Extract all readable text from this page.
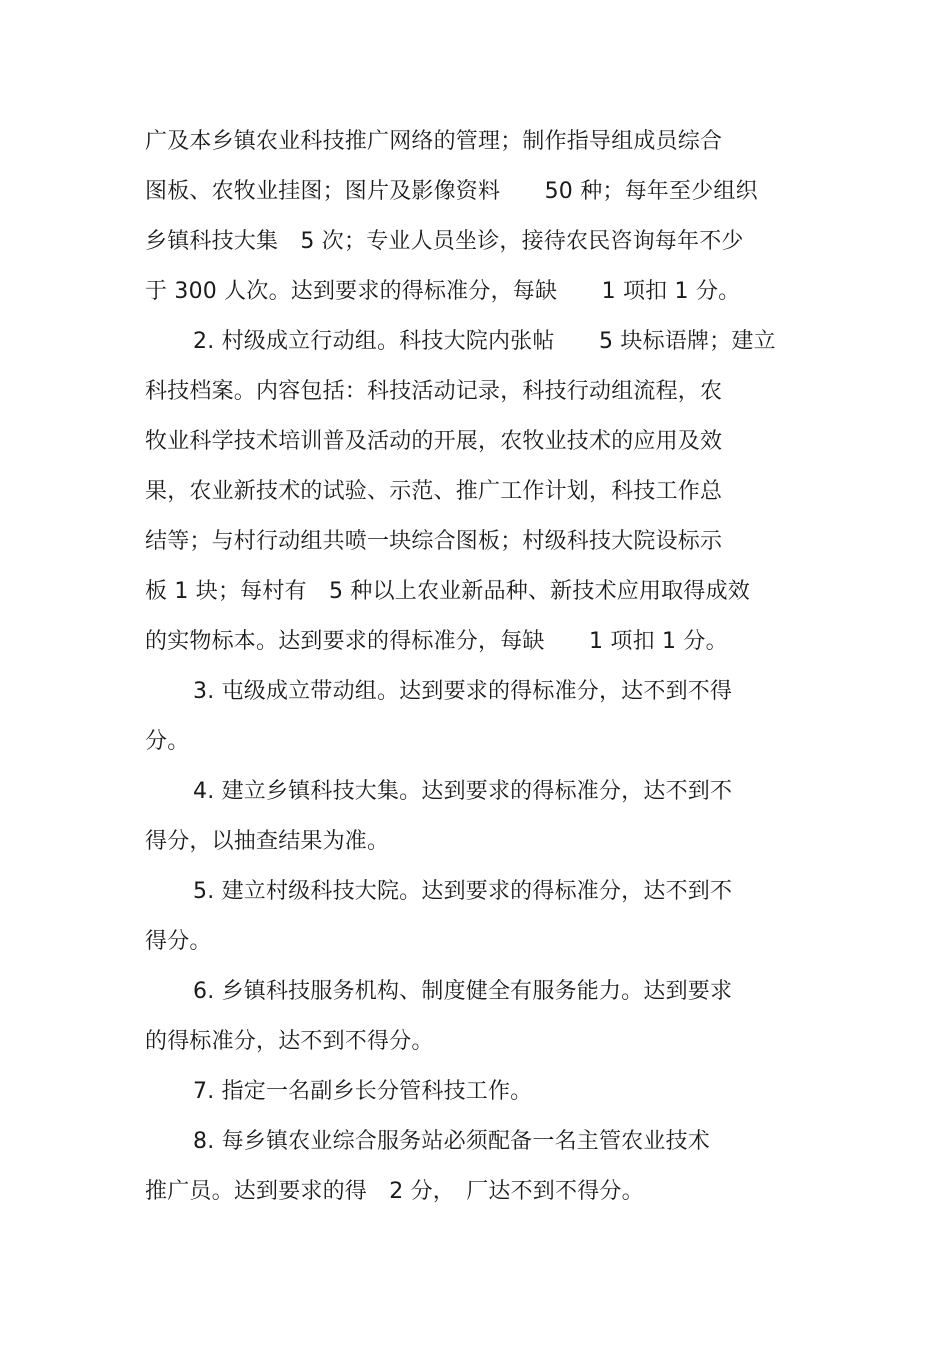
广及本乡镇农业科技推广网络的管理；制作指导组成员综合
图板、农牧业挂图；图片及影像资料　　50 种；每年至少组织
乡镇科技大集　5 次；专业人员坐诊，接待农民咨询每年不少
于 300 人次。达到要求的得标准分，每缺　　1 项扣 1 分。
2. 村级成立行动组。科技大院内张帖　　5 块标语牌；建立
科技档案。内容包括：科技活动记录，科技行动组流程，农
牧业科学技术培训普及活动的开展，农牧业技术的应用及效
果，农业新技术的试验、示范、推广工作计划，科技工作总
结等；与村行动组共喷一块综合图板；村级科技大院设标示
板 1 块；每村有　5 种以上农业新品种、新技术应用取得成效
的实物标本。达到要求的得标准分，每缺　　1 项扣 1 分。
3. 屯级成立带动组。达到要求的得标准分，达不到不得
分。
4. 建立乡镇科技大集。达到要求的得标准分，达不到不
得分，以抽查结果为准。
5. 建立村级科技大院。达到要求的得标准分，达不到不
得分。
6. 乡镇科技服务机构、制度健全有服务能力。达到要求
的得标准分，达不到不得分。
7. 指定一名副乡长分管科技工作。
8. 每乡镇农业综合服务站必须配备一名主管农业技术
推广员。达到要求的得　2 分，　厂达不到不得分。
